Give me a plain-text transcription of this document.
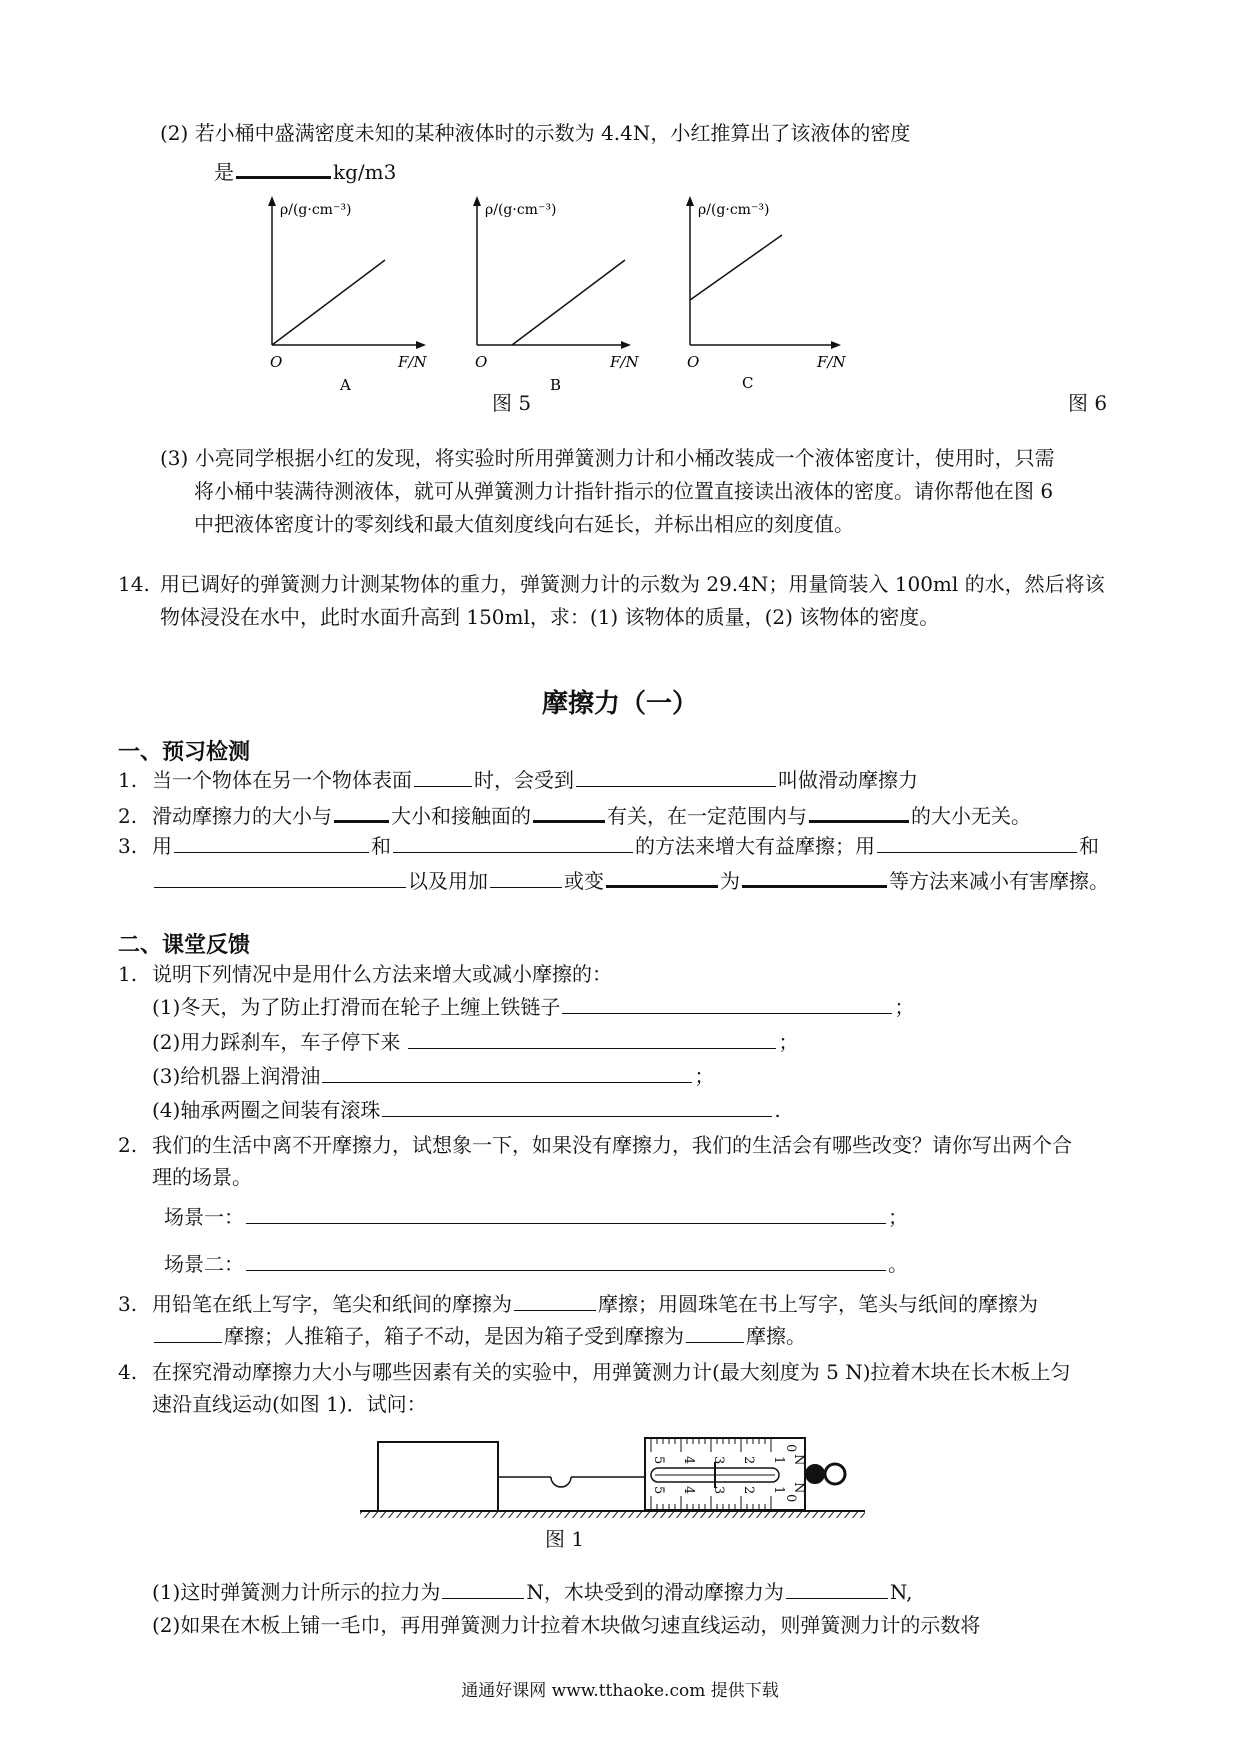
(2) 若小桶中盛满密度未知的某种液体时的示数为 4.4N，小红推算出了该液体的密度
是	kg/m3
ρ/(g·cm⁻³)
O	F/N
A
ρ/(g·cm⁻³)
O	F/N
B
ρ/(g·cm⁻³)
O	F/N
C
图 5	图 6
(3) 小亮同学根据小红的发现，将实验时所用弹簧测力计和小桶改装成一个液体密度计，使用时，只需
将小桶中装满待测液体，就可从弹簧测力计指针指示的位置直接读出液体的密度。请你帮他在图 6
中把液体密度计的零刻线和最大值刻度线向右延长，并标出相应的刻度值。
14. 用已调好的弹簧测力计测某物体的重力，弹簧测力计的示数为 29.4N；用量筒装入 100ml 的水，然后将该
物体浸没在水中，此时水面升高到 150ml，求：(1) 该物体的质量，(2) 该物体的密度。
摩擦力（一）
一、预习检测
1. 当一个物体在另一个物体表面	时，会受到	叫做滑动摩擦力
2. 滑动摩擦力的大小与	大小和接触面的	有关，在一定范围内与	的大小无关。
3. 用	和	的方法来增大有益摩擦；用	和
以及用加	或变	为	等方法来减小有害摩擦。
二、课堂反馈
1. 说明下列情况中是用什么方法来增大或减小摩擦的：
(1)冬天，为了防止打滑而在轮子上缠上铁链子	；
(2)用力踩刹车，车子停下来	；
(3)给机器上润滑油	；
(4)轴承两圈之间装有滚珠	.
2. 我们的生活中离不开摩擦力，试想象一下，如果没有摩擦力，我们的生活会有哪些改变？请你写出两个合
理的场景。
场景一：	；
场景二：	。
3. 用铅笔在纸上写字，笔尖和纸间的摩擦为	摩擦；用圆珠笔在书上写字，笔头与纸间的摩擦为
摩擦；人推箱子，箱子不动，是因为箱子受到摩擦为	摩擦。
4. 在探究滑动摩擦力大小与哪些因素有关的实验中，用弹簧测力计(最大刻度为 5 N)拉着木块在长木板上匀
速沿直线运动(如图 1)．试问：
5 4 3 2 1
0
N
5 4 3 2 1
0
N
图 1
(1)这时弹簧测力计所示的拉力为	N，木块受到的滑动摩擦力为	N,
(2)如果在木板上铺一毛巾，再用弹簧测力计拉着木块做匀速直线运动，则弹簧测力计的示数将
通通好课网 www.tthaoke.com 提供下载
